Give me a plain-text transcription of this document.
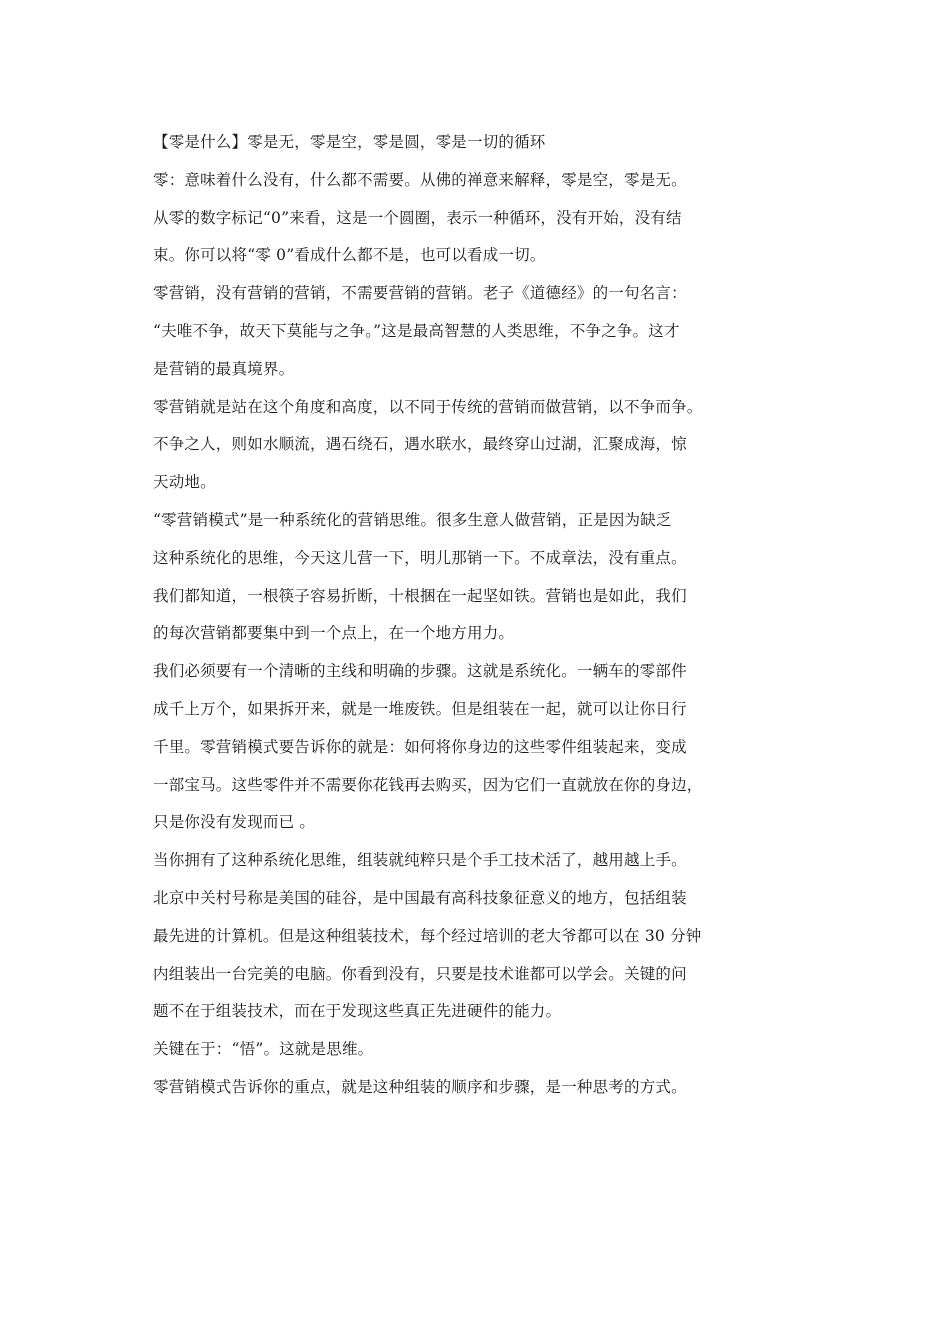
【零是什么】零是无，零是空，零是圆，零是一切的循环
零：意味着什么没有，什么都不需要。从佛的禅意来解释，零是空，零是无。
从零的数字标记“0”来看，这是一个圆圈，表示一种循环，没有开始，没有结
束。你可以将“零 0”看成什么都不是，也可以看成一切。
零营销，没有营销的营销，不需要营销的营销。老子《道德经》的一句名言：
“夫唯不争，故天下莫能与之争。”这是最高智慧的人类思维，不争之争。这才
是营销的最真境界。
零营销就是站在这个角度和高度，以不同于传统的营销而做营销，以不争而争。
不争之人，则如水顺流，遇石绕石，遇水联水，最终穿山过湖，汇聚成海，惊
天动地。
“零营销模式”是一种系统化的营销思维。很多生意人做营销，正是因为缺乏
这种系统化的思维，今天这儿营一下，明儿那销一下。不成章法，没有重点。
我们都知道，一根筷子容易折断，十根捆在一起坚如铁。营销也是如此，我们
的每次营销都要集中到一个点上，在一个地方用力。
我们必须要有一个清晰的主线和明确的步骤。这就是系统化。一辆车的零部件
成千上万个，如果拆开来，就是一堆废铁。但是组装在一起，就可以让你日行
千里。零营销模式要告诉你的就是：如何将你身边的这些零件组装起来，变成
一部宝马。这些零件并不需要你花钱再去购买，因为它们一直就放在你的身边，
只是你没有发现而已 。
当你拥有了这种系统化思维，组装就纯粹只是个手工技术活了，越用越上手。
北京中关村号称是美国的硅谷，是中国最有高科技象征意义的地方，包括组装
最先进的计算机。但是这种组装技术，每个经过培训的老大爷都可以在 30 分钟
内组装出一台完美的电脑。你看到没有，只要是技术谁都可以学会。关键的问
题不在于组装技术，而在于发现这些真正先进硬件的能力。
关键在于：“悟”。这就是思维。
零营销模式告诉你的重点，就是这种组装的顺序和步骤，是一种思考的方式。
